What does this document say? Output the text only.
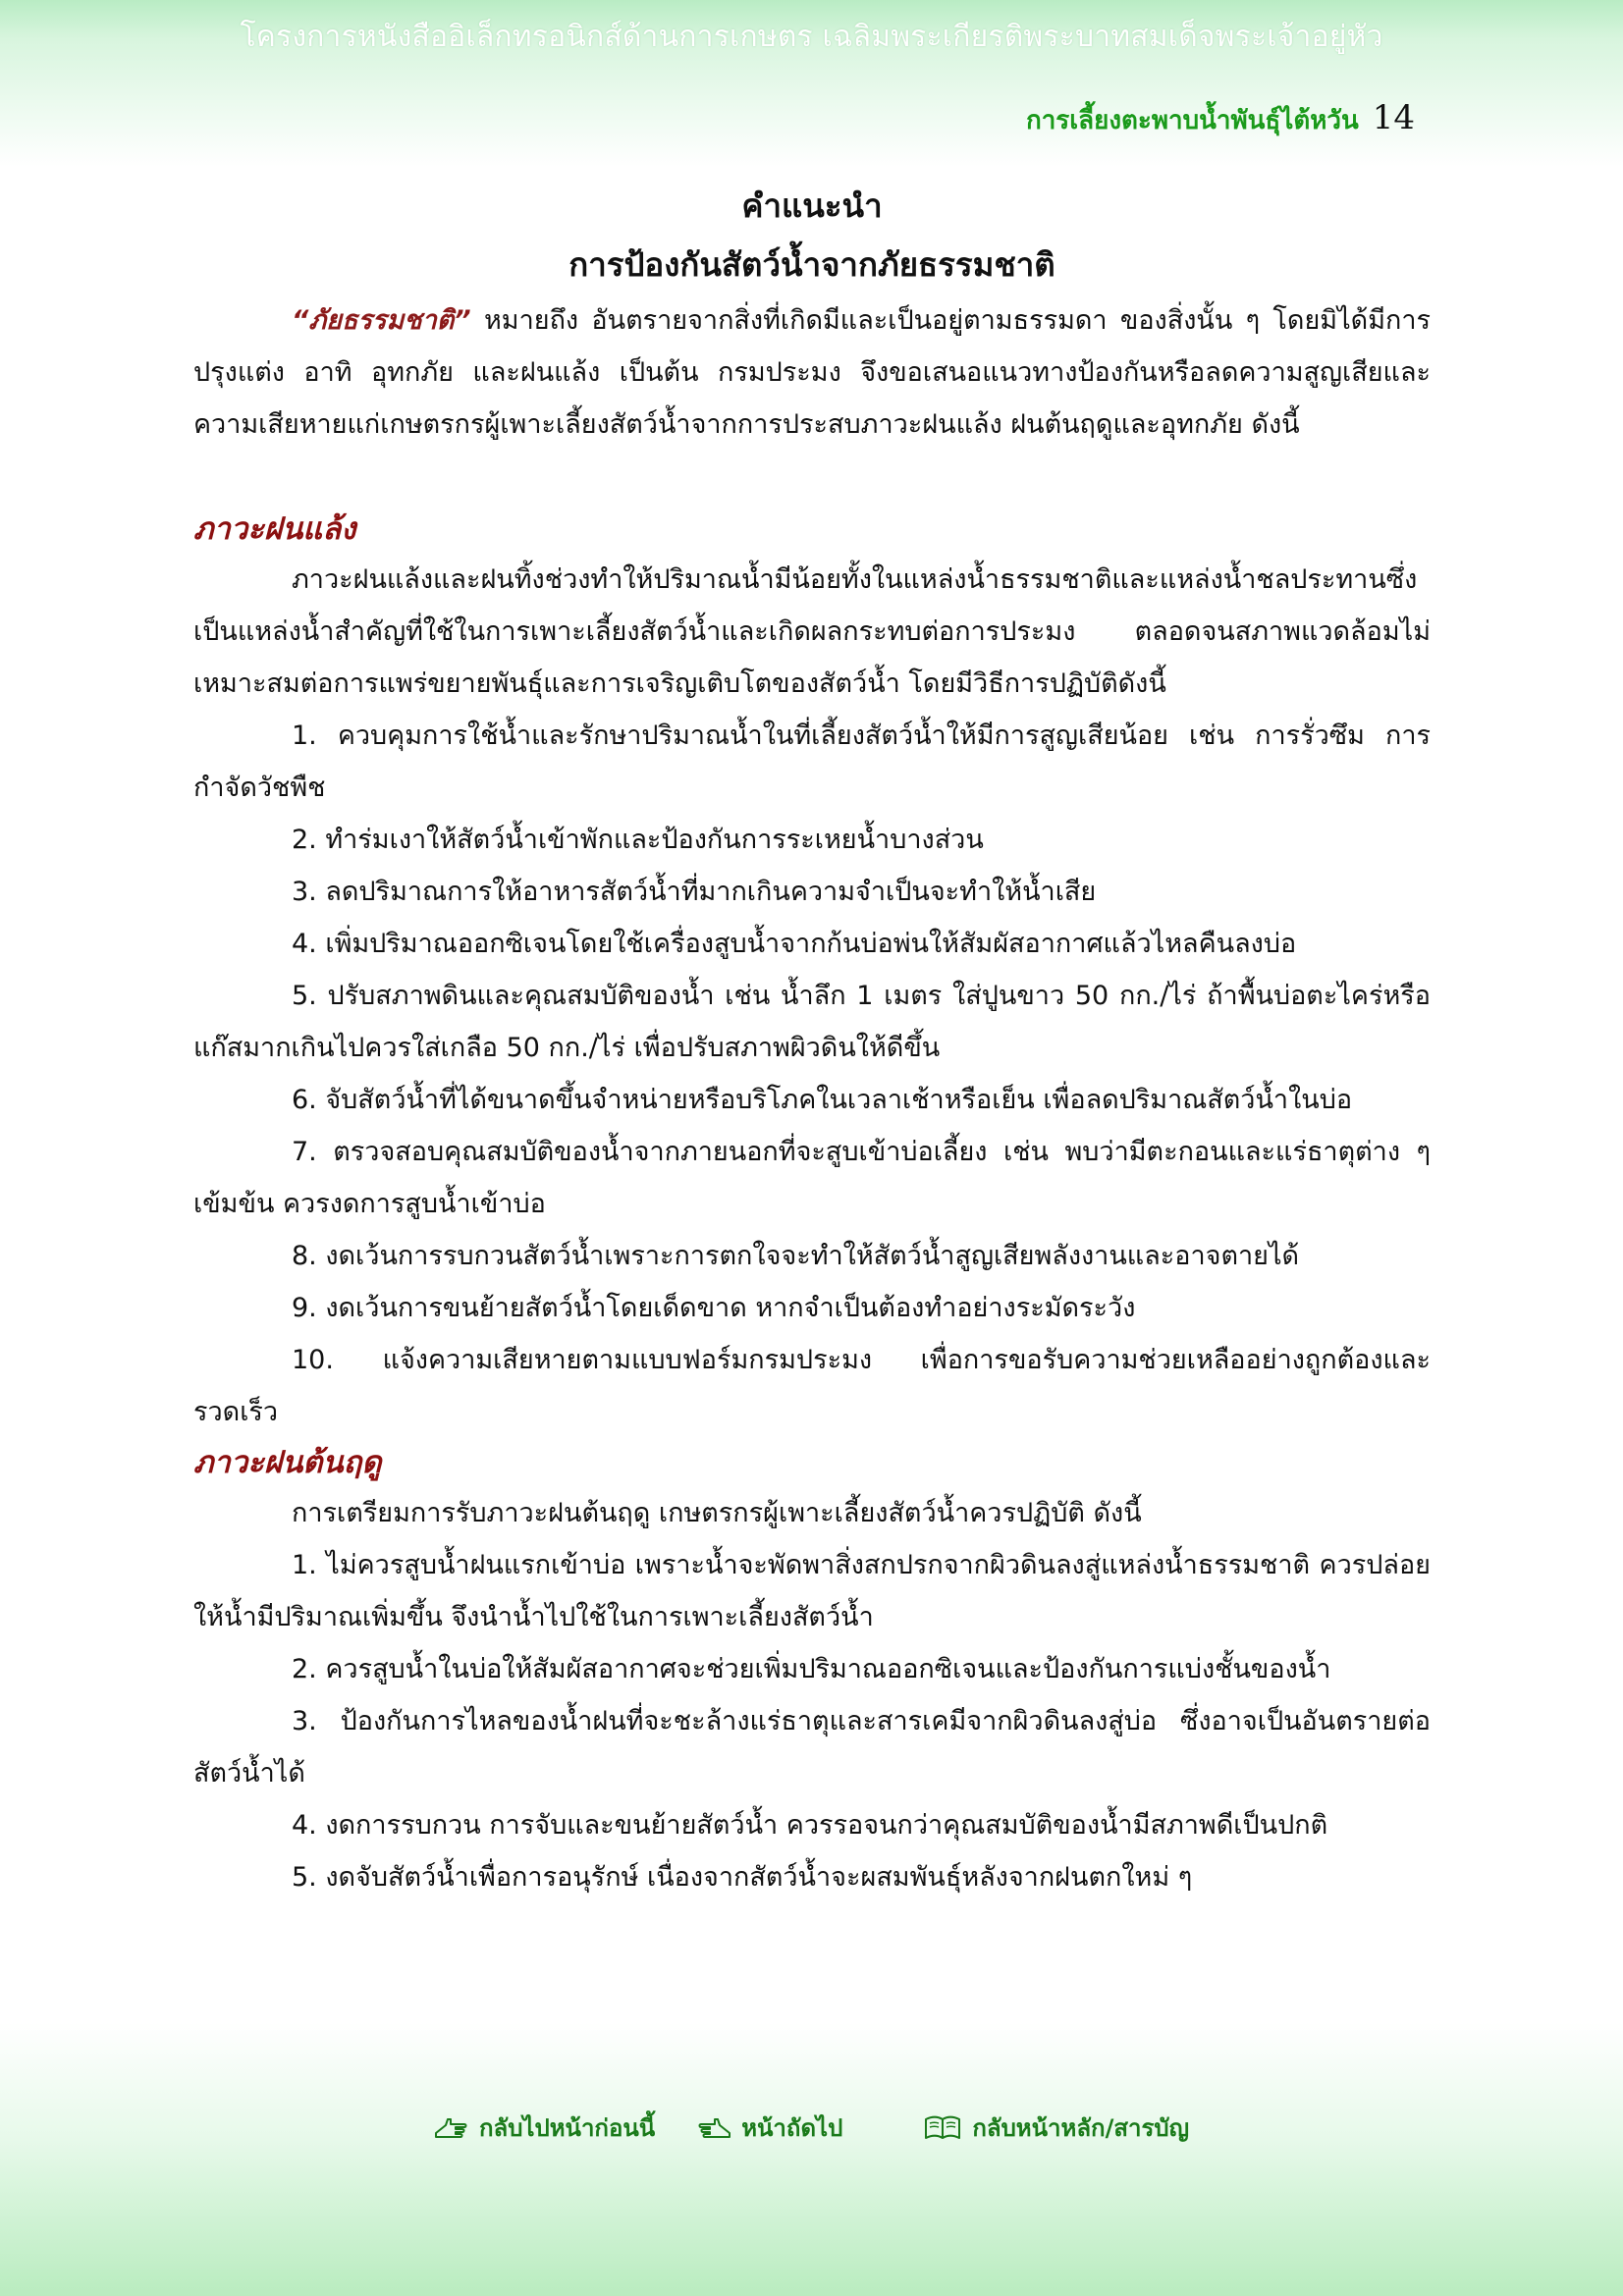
โครงการหนังสืออิเล็กทรอนิกส์ด้านการเกษตร เฉลิมพระเกียรติพระบาทสมเด็จพระเจ้าอยู่หัว
การเลี้ยงตะพาบน้ำพันธุ์ไต้หวัน 14
คำแนะนำ
การป้องกันสัตว์น้ำจากภัยธรรมชาติ

“ภัยธรรมชาติ” หมายถึง อันตรายจากสิ่งที่เกิดมีและเป็นอยู่ตามธรรมดา ของสิ่งนั้น ๆ โดยมิได้มีการปรุงแต่ง อาทิ อุทกภัย และฝนแล้ง เป็นต้น กรมประมง จึงขอเสนอแนวทางป้องกันหรือลดความสูญเสียและความเสียหายแก่เกษตรกรผู้เพาะเลี้ยงสัตว์น้ำจากการประสบภาวะฝนแล้ง ฝนต้นฤดูและอุทกภัย ดังนี้

ภาวะฝนแล้ง

ภาวะฝนแล้งและฝนทิ้งช่วงทำให้ปริมาณน้ำมีน้อยทั้งในแหล่งน้ำธรรมชาติและแหล่งน้ำชลประทานซึ่งเป็นแหล่งน้ำสำคัญที่ใช้ในการเพาะเลี้ยงสัตว์น้ำและเกิดผลกระทบต่อการประมง ตลอดจนสภาพแวดล้อมไม่เหมาะสมต่อการแพร่ขยายพันธุ์และการเจริญเติบโตของสัตว์น้ำ โดยมีวิธีการปฏิบัติดังนี้

1. ควบคุมการใช้น้ำและรักษาปริมาณน้ำในที่เลี้ยงสัตว์น้ำให้มีการสูญเสียน้อย เช่น การรั่วซึม การกำจัดวัชพืช

2. ทำร่มเงาให้สัตว์น้ำเข้าพักและป้องกันการระเหยน้ำบางส่วน

3. ลดปริมาณการให้อาหารสัตว์น้ำที่มากเกินความจำเป็นจะทำให้น้ำเสีย

4. เพิ่มปริมาณออกซิเจนโดยใช้เครื่องสูบน้ำจากก้นบ่อพ่นให้สัมผัสอากาศแล้วไหลคืนลงบ่อ

5. ปรับสภาพดินและคุณสมบัติของน้ำ เช่น น้ำลึก 1 เมตร ใส่ปูนขาว 50 กก./ไร่ ถ้าพื้นบ่อตะไคร่หรือแก๊สมากเกินไปควรใส่เกลือ 50 กก./ไร่ เพื่อปรับสภาพผิวดินให้ดีขึ้น

6. จับสัตว์น้ำที่ได้ขนาดขึ้นจำหน่ายหรือบริโภคในเวลาเช้าหรือเย็น เพื่อลดปริมาณสัตว์น้ำในบ่อ

7. ตรวจสอบคุณสมบัติของน้ำจากภายนอกที่จะสูบเข้าบ่อเลี้ยง เช่น พบว่ามีตะกอนและแร่ธาตุต่าง ๆ เข้มข้น ควรงดการสูบน้ำเข้าบ่อ

8. งดเว้นการรบกวนสัตว์น้ำเพราะการตกใจจะทำให้สัตว์น้ำสูญเสียพลังงานและอาจตายได้

9. งดเว้นการขนย้ายสัตว์น้ำโดยเด็ดขาด หากจำเป็นต้องทำอย่างระมัดระวัง

10. แจ้งความเสียหายตามแบบฟอร์มกรมประมง เพื่อการขอรับความช่วยเหลืออย่างถูกต้องและรวดเร็ว

ภาวะฝนต้นฤดู

การเตรียมการรับภาวะฝนต้นฤดู เกษตรกรผู้เพาะเลี้ยงสัตว์น้ำควรปฏิบัติ ดังนี้

1. ไม่ควรสูบน้ำฝนแรกเข้าบ่อ เพราะน้ำจะพัดพาสิ่งสกปรกจากผิวดินลงสู่แหล่งน้ำธรรมชาติ ควรปล่อยให้น้ำมีปริมาณเพิ่มขึ้น จึงนำน้ำไปใช้ในการเพาะเลี้ยงสัตว์น้ำ

2. ควรสูบน้ำในบ่อให้สัมผัสอากาศจะช่วยเพิ่มปริมาณออกซิเจนและป้องกันการแบ่งชั้นของน้ำ

3. ป้องกันการไหลของน้ำฝนที่จะชะล้างแร่ธาตุและสารเคมีจากผิวดินลงสู่บ่อ ซึ่งอาจเป็นอันตรายต่อสัตว์น้ำได้

4. งดการรบกวน การจับและขนย้ายสัตว์น้ำ ควรรอจนกว่าคุณสมบัติของน้ำมีสภาพดีเป็นปกติ

5. งดจับสัตว์น้ำเพื่อการอนุรักษ์ เนื่องจากสัตว์น้ำจะผสมพันธุ์หลังจากฝนตกใหม่ ๆ

กลับไปหน้าก่อนนี้	หน้าถัดไป	กลับหน้าหลัก/สารบัญ
